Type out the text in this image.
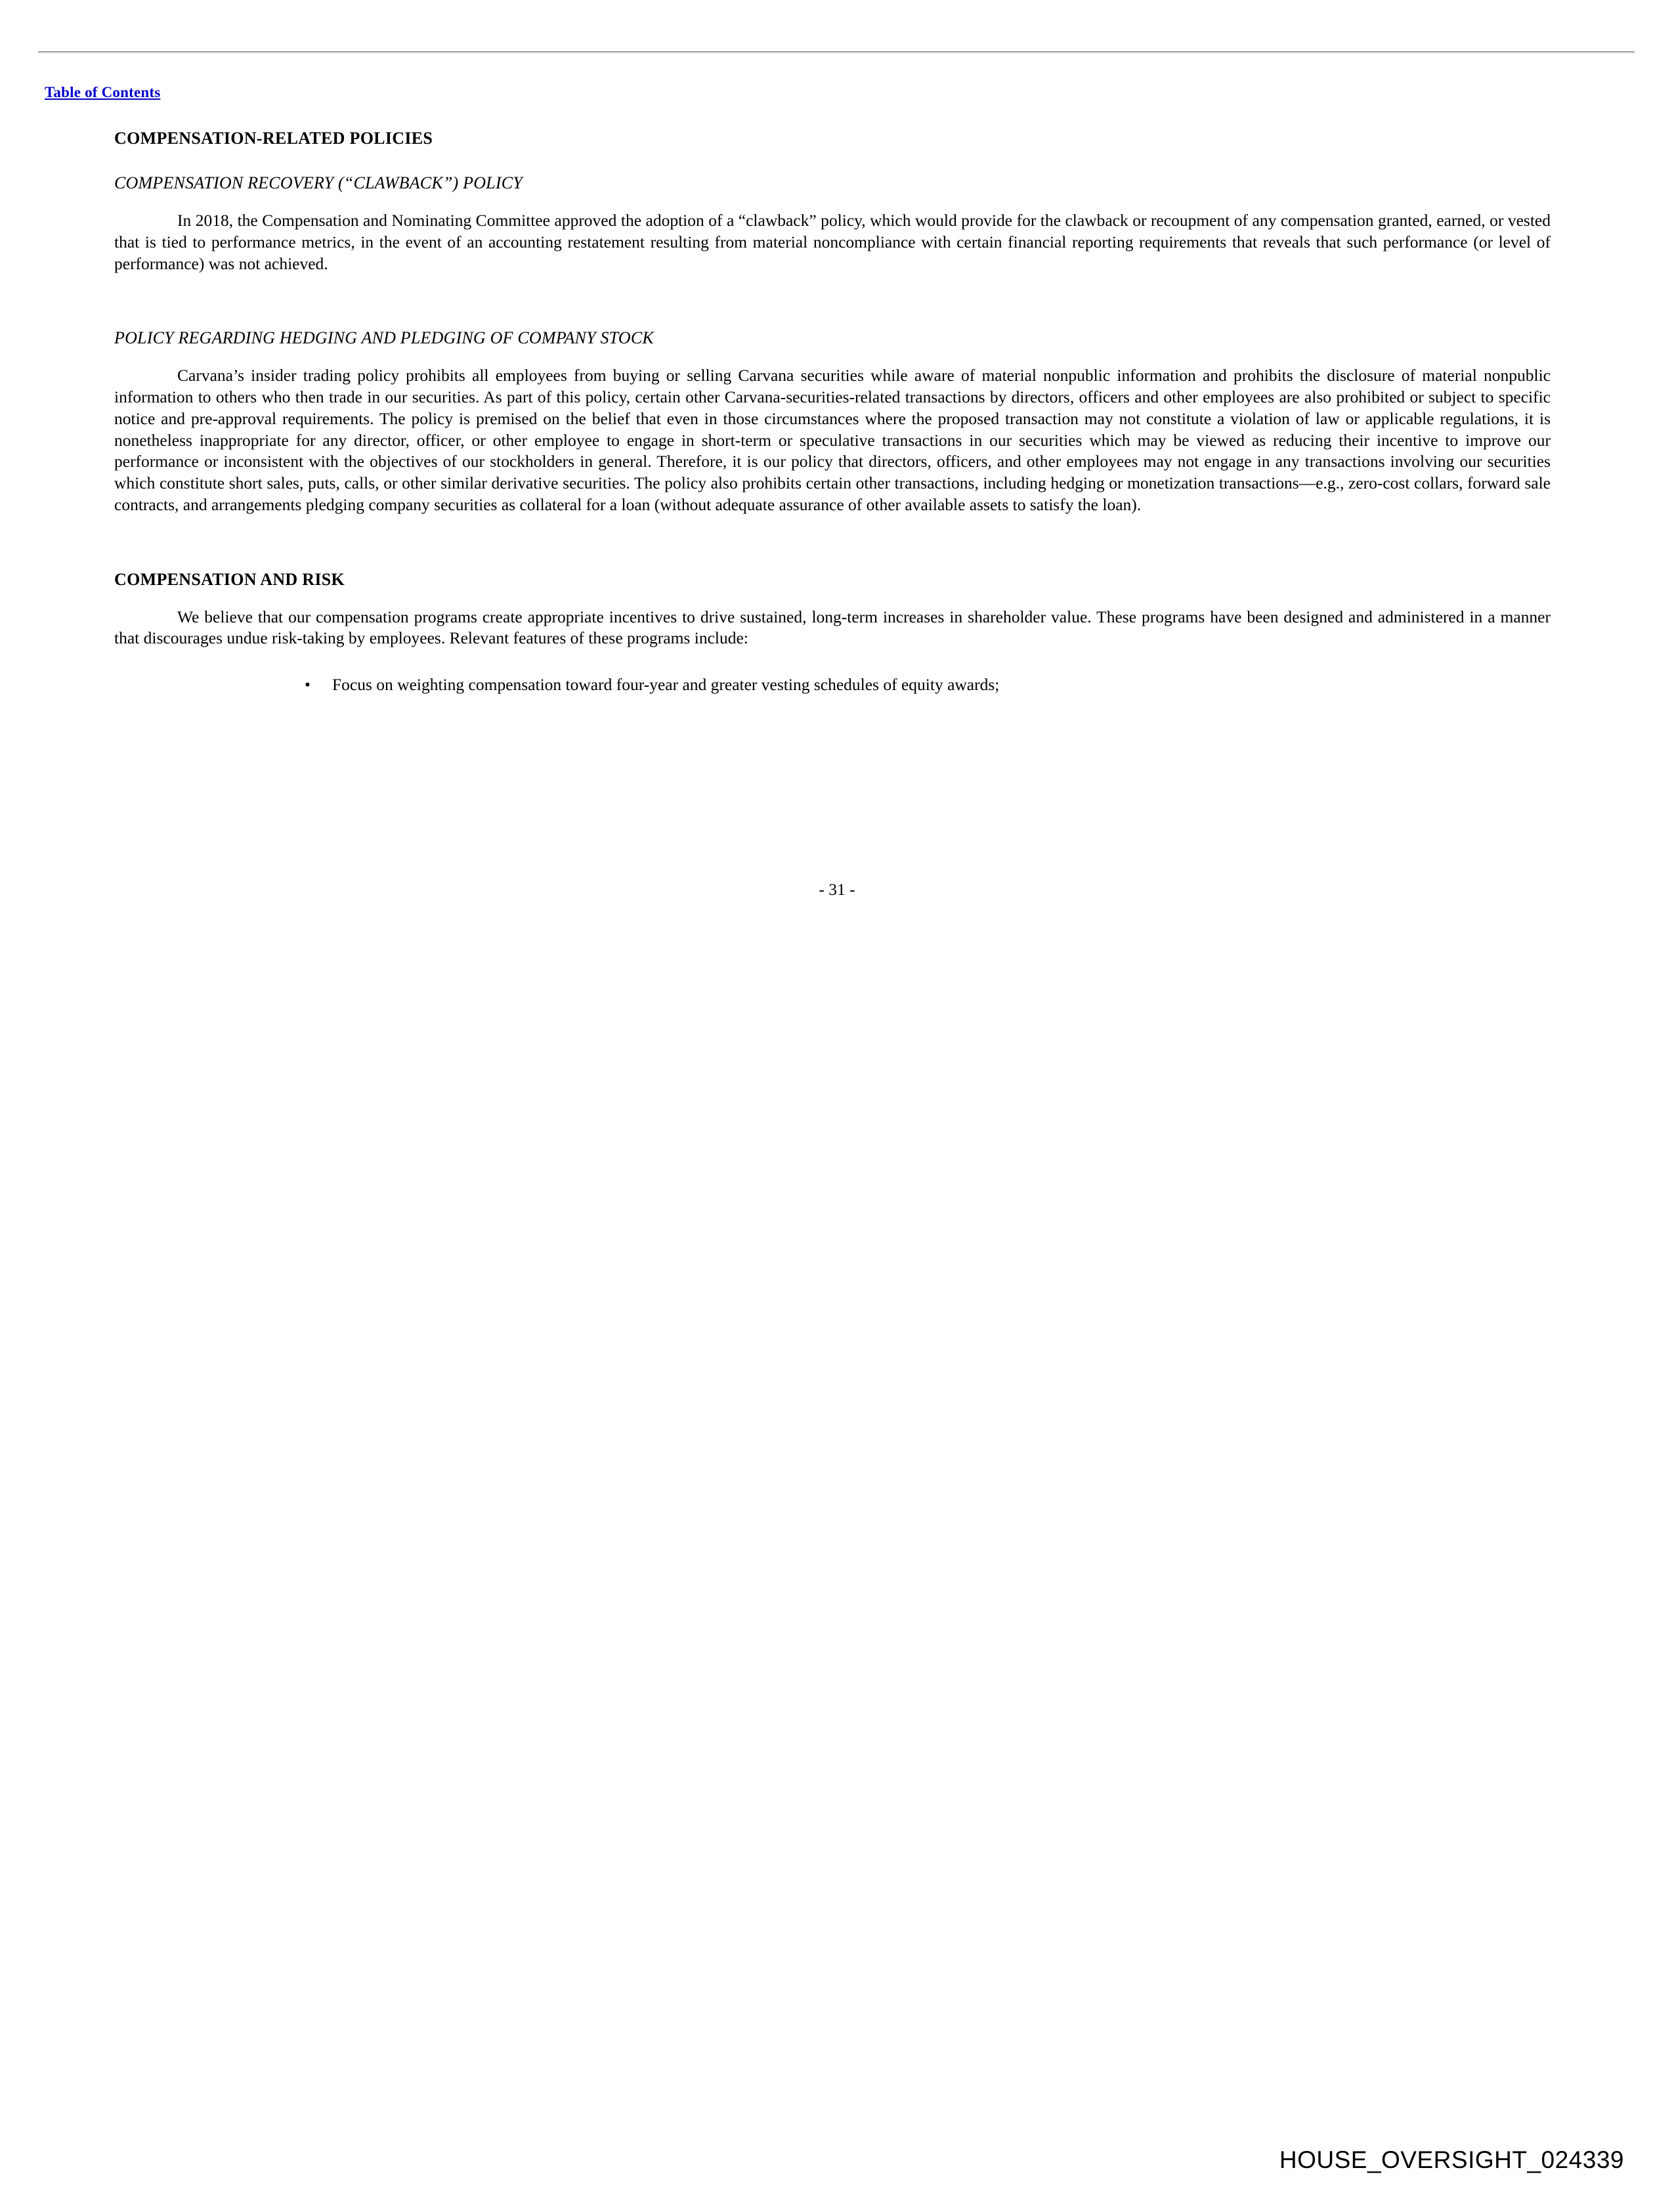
Table of Contents
COMPENSATION-RELATED POLICIES
COMPENSATION RECOVERY (“CLAWBACK”) POLICY

In 2018, the Compensation and Nominating Committee approved the adoption of a “clawback” policy, which would provide for the clawback or recoupment of any compensation granted, earned, or vested that is tied to performance metrics, in the event of an accounting restatement resulting from material noncompliance with certain financial reporting requirements that reveals that such performance (or level of performance) was not achieved.

POLICY REGARDING HEDGING AND PLEDGING OF COMPANY STOCK

Carvana’s insider trading policy prohibits all employees from buying or selling Carvana securities while aware of material nonpublic information and prohibits the disclosure of material nonpublic information to others who then trade in our securities. As part of this policy, certain other Carvana-securities-related transactions by directors, officers and other employees are also prohibited or subject to specific notice and pre-approval requirements. The policy is premised on the belief that even in those circumstances where the proposed transaction may not constitute a violation of law or applicable regulations, it is nonetheless inappropriate for any director, officer, or other employee to engage in short-term or speculative transactions in our securities which may be viewed as reducing their incentive to improve our performance or inconsistent with the objectives of our stockholders in general. Therefore, it is our policy that directors, officers, and other employees may not engage in any transactions involving our securities which constitute short sales, puts, calls, or other similar derivative securities. The policy also prohibits certain other transactions, including hedging or monetization transactions—e.g., zero-cost collars, forward sale contracts, and arrangements pledging company securities as collateral for a loan (without adequate assurance of other available assets to satisfy the loan).

COMPENSATION AND RISK

We believe that our compensation programs create appropriate incentives to drive sustained, long-term increases in shareholder value. These programs have been designed and administered in a manner that discourages undue risk-taking by employees. Relevant features of these programs include:

•	Focus on weighting compensation toward four-year and greater vesting schedules of equity awards;
- 31 -
HOUSE_OVERSIGHT_024339
